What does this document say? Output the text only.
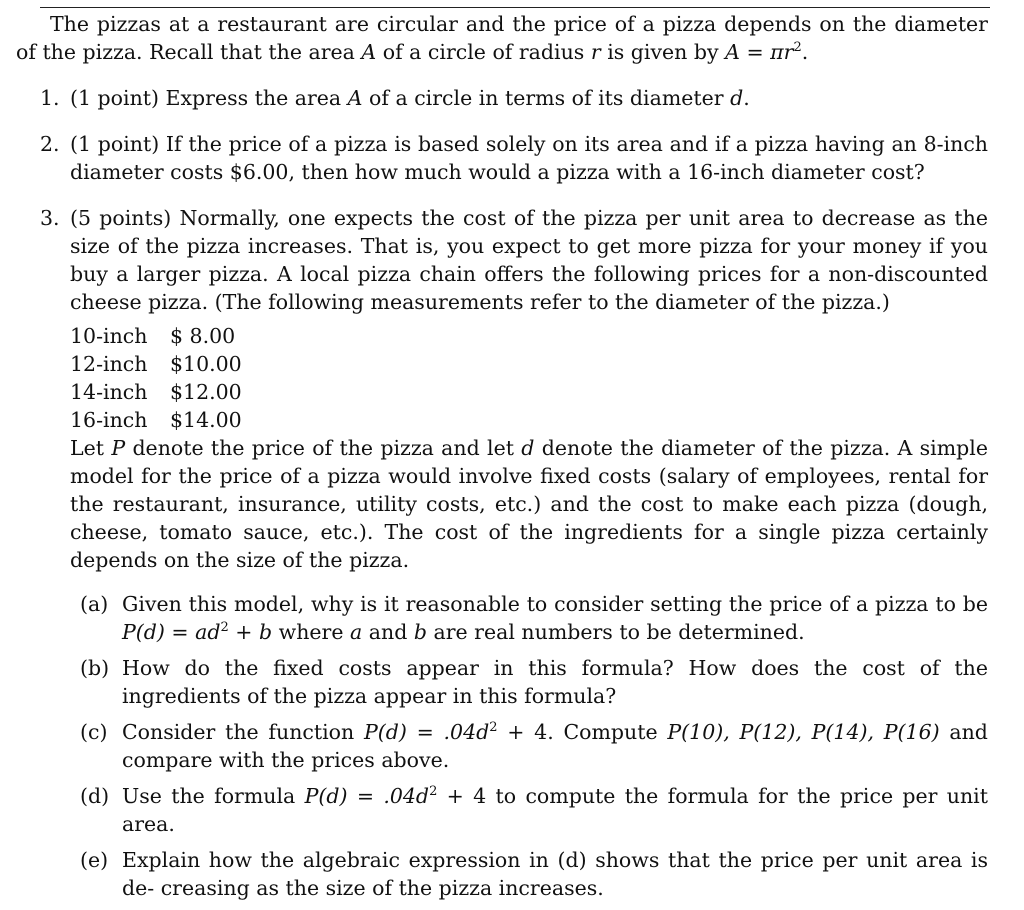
The pizzas at a restaurant are circular and the price of a pizza depends on the diameter of the pizza. Recall that the area A of a circle of radius r is given by $A = \pi r^2$.

1. (1 point) Express the area A of a circle in terms of its diameter d.
2. (1 point) If the price of a pizza is based solely on its area and if a pizza having an 8-inch diameter costs $6.00, then how much would a pizza with a 16-inch diameter cost?
3. (5 points) Normally, one expects the cost of the pizza per unit area to decrease as the size of the pizza increases. That is, you expect to get more pizza for your money if you buy a larger pizza. A local pizza chain offers the following prices for a non-discounted cheese pizza. (The following measurements refer to the diameter of the pizza.)
10-inch	$ 8.00
12-inch	$10.00
14-inch	$12.00
16-inch	$14.00
Let P denote the price of the pizza and let d denote the diameter of the pizza. A simple model for the price of a pizza would involve fixed costs (salary of employees, rental for the restaurant, insurance, utility costs, etc.) and the cost to make each pizza (dough, cheese, tomato sauce, etc.). The cost of the ingredients for a single pizza certainly depends on the size of the pizza.
(a) Given this model, why is it reasonable to consider setting the price of a pizza to be $P(d) = ad^2 + b$ where a and b are real numbers to be determined.
(b) How do the fixed costs appear in this formula? How does the cost of the ingredients of the pizza appear in this formula?
(c) Consider the function $P(d) = .04d^2 + 4$. Compute P(10), P(12), P(14), P(16) and compare with the prices above.
(d) Use the formula $P(d) = .04d^2 + 4$ to compute the formula for the price per unit area.
(e) Explain how the algebraic expression in (d) shows that the price per unit area is de- creasing as the size of the pizza increases.
